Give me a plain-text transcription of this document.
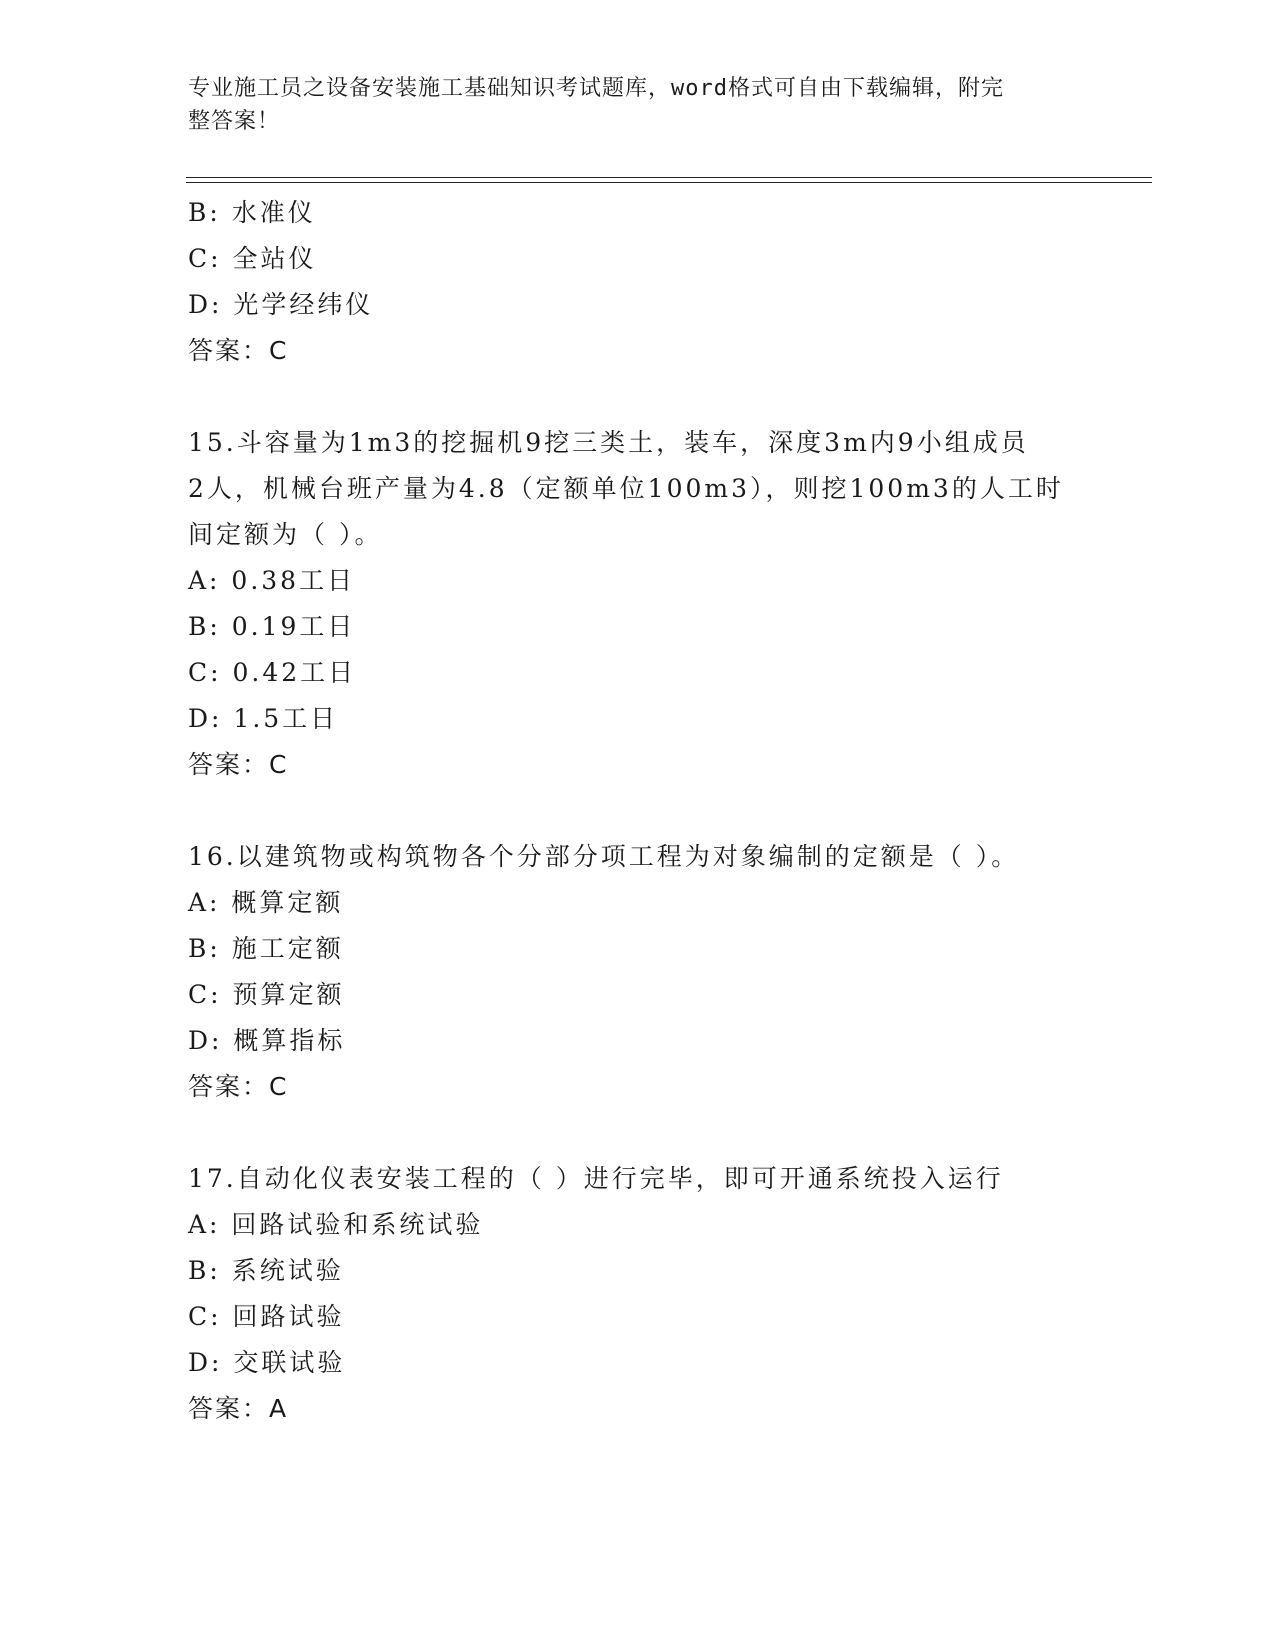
专业施工员之设备安装施工基础知识考试题库，word格式可自由下载编辑，附完
整答案！
B: 水准仪
C: 全站仪
D: 光学经纬仪
答案：C
15.斗容量为1m3的挖掘机9挖三类土，装车，深度3m内9小组成员
2人，机械台班产量为4.8（定额单位100m3），则挖100m3的人工时
间定额为（ ）。
A: 0.38工日
B: 0.19工日
C: 0.42工日
D: 1.5工日
答案：C
16.以建筑物或构筑物各个分部分项工程为对象编制的定额是（ ）。
A: 概算定额
B: 施工定额
C: 预算定额
D: 概算指标
答案：C
17.自动化仪表安装工程的（ ）进行完毕，即可开通系统投入运行
A: 回路试验和系统试验
B: 系统试验
C: 回路试验
D: 交联试验
答案：A
